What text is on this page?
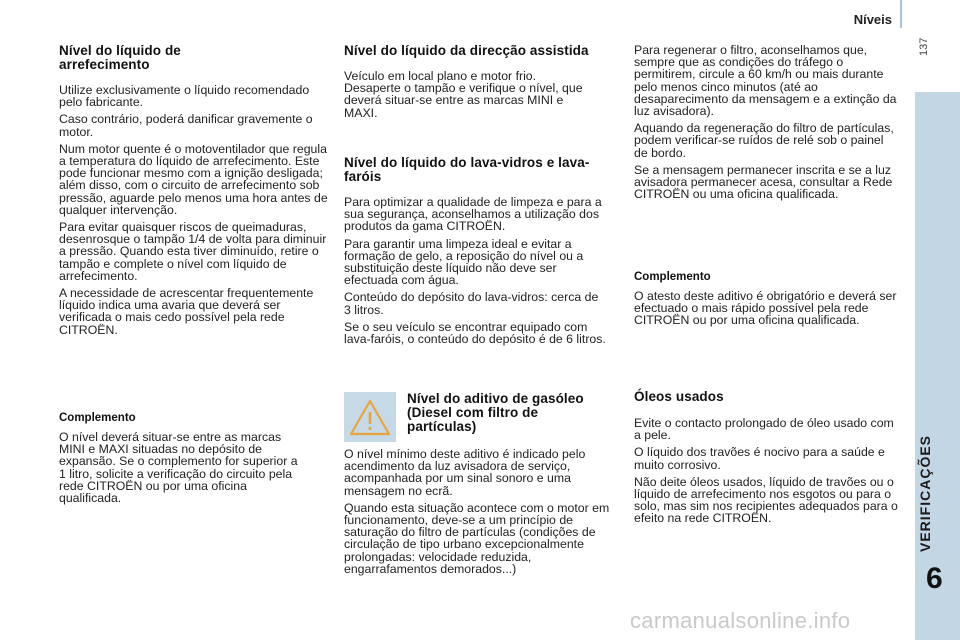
Níveis
137
VERIFICAÇÕES
6
Nível do líquido de arrefecimento

Utilize exclusivamente o líquido recomendado pelo fabricante.

Caso contrário, poderá danificar gravemente o motor.

Num motor quente é o motoventilador que regula a temperatura do líquido de arrefecimento. Este pode funcionar mesmo com a ignição desligada; além disso, com o circuito de arrefecimento sob pressão, aguarde pelo menos uma hora antes de qualquer intervenção.

Para evitar quaisquer riscos de queimaduras, desenrosque o tampão 1/4 de volta para diminuir a pressão. Quando esta tiver diminuído, retire o tampão e complete o nível com líquido de arrefecimento.

A necessidade de acrescentar frequentemente líquido indica uma avaria que deverá ser verificada o mais cedo possível pela rede CITROËN.

Complemento

O nível deverá situar-se entre as marcas MINI e MAXI situadas no depósito de expansão. Se o complemento for superior a 1 litro, solicite a verificação do circuito pela rede CITROËN ou por uma oficina qualificada.

Nível do líquido da direcção assistida

Veículo em local plano e motor frio. Desaperte o tampão e verifique o nível, que deverá situar-se entre as marcas MINI e MAXI.

Nível do líquido do lava-vidros e lava-faróis

Para optimizar a qualidade de limpeza e para a sua segurança, aconselhamos a utilização dos produtos da gama CITROËN.

Para garantir uma limpeza ideal e evitar a formação de gelo, a reposição do nível ou a substituição deste líquido não deve ser efectuada com água.

Conteúdo do depósito do lava-vidros: cerca de 3 litros.

Se o seu veículo se encontrar equipado com lava-faróis, o conteúdo do depósito é de 6 litros.

Nível do aditivo de gasóleo (Diesel com filtro de partículas)

O nível mínimo deste aditivo é indicado pelo acendimento da luz avisadora de serviço, acompanhada por um sinal sonoro e uma mensagem no ecrã.

Quando esta situação acontece com o motor em funcionamento, deve-se a um princípio de saturação do filtro de partículas (condições de circulação de tipo urbano excepcionalmente prolongadas: velocidade reduzida, engarrafamentos demorados...)

Para regenerar o filtro, aconselhamos que, sempre que as condições do tráfego o permitirem, circule a 60 km/h ou mais durante pelo menos cinco minutos (até ao desaparecimento da mensagem e a extinção da luz avisadora).

Aquando da regeneração do filtro de partículas, podem verificar-se ruídos de relé sob o painel de bordo.

Se a mensagem permanecer inscrita e se a luz avisadora permanecer acesa, consultar a Rede CITROËN ou uma oficina qualificada.

Complemento

O atesto deste aditivo é obrigatório e deverá ser efectuado o mais rápido possível pela rede CITROËN ou por uma oficina qualificada.

Óleos usados

Evite o contacto prolongado de óleo usado com a pele.

O líquido dos travões é nocivo para a saúde e muito corrosivo.

Não deite óleos usados, líquido de travões ou o líquido de arrefecimento nos esgotos ou para o solo, mas sim nos recipientes adequados para o efeito na rede CITROËN.

carmanualsonline.info
